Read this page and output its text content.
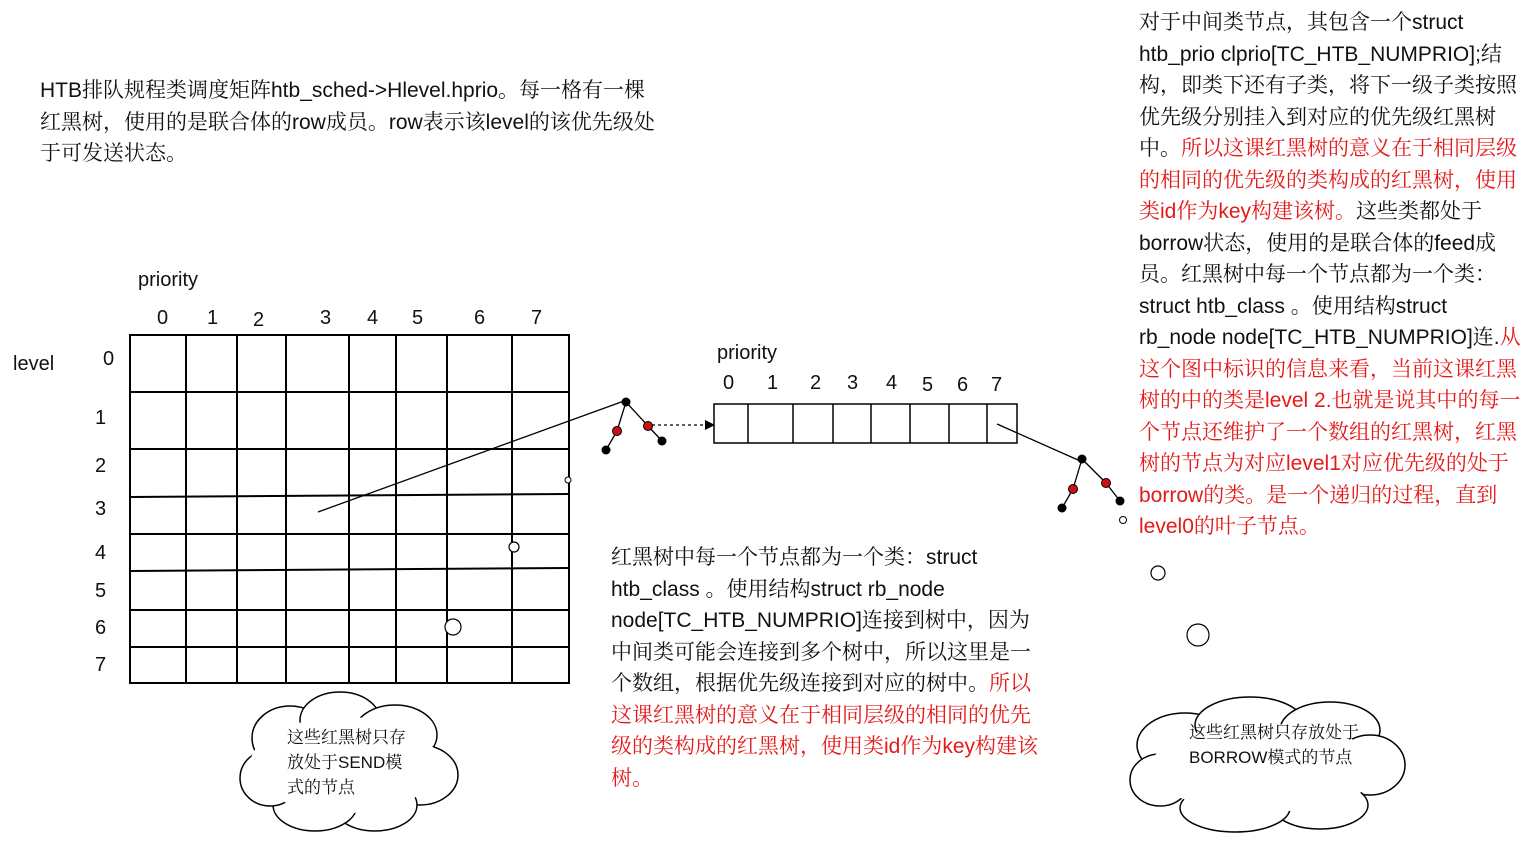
HTB排队规程类调度矩阵htb_sched->Hlevel.hprio。每一格有一棵红黑树，使用的是联合体的row成员。row表示该level的该优先级处于可发送状态。
priority
level
0 1 2	3 4 5	6 7
0
1
2
3
4
5
6
7
priority
0 1 2 3 4 5 6 7
红黑树中每一个节点都为一个类：struct htb_class 。使用结构struct rb_node node[TC_HTB_NUMPRIO]连接到树中，因为中间类可能会连接到多个树中，所以这里是一个数组，根据优先级连接到对应的树中。所以这课红黑树的意义在于相同层级的相同的优先级的类构成的红黑树，使用类id作为key构建该树。
对于中间类节点，其包含一个struct htb_prio clprio[TC_HTB_NUMPRIO];结构，即类下还有子类，将下一级子类按照优先级分别挂入到对应的优先级红黑树中。所以这课红黑树的意义在于相同层级的相同的优先级的类构成的红黑树，使用类id作为key构建该树。这些类都处于borrow状态，使用的是联合体的feed成员。红黑树中每一个节点都为一个类：struct htb_class 。使用结构struct rb_node node[TC_HTB_NUMPRIO]连.从这个图中标识的信息来看，当前这课红黑树的中的类是level 2.也就是说其中的每一个节点还维护了一个数组的红黑树，红黑树的节点为对应level1对应优先级的处于borrow的类。是一个递归的过程，直到level0的叶子节点。
这些红黑树只存放处于SEND模式的节点
这些红黑树只存放处于BORROW模式的节点
